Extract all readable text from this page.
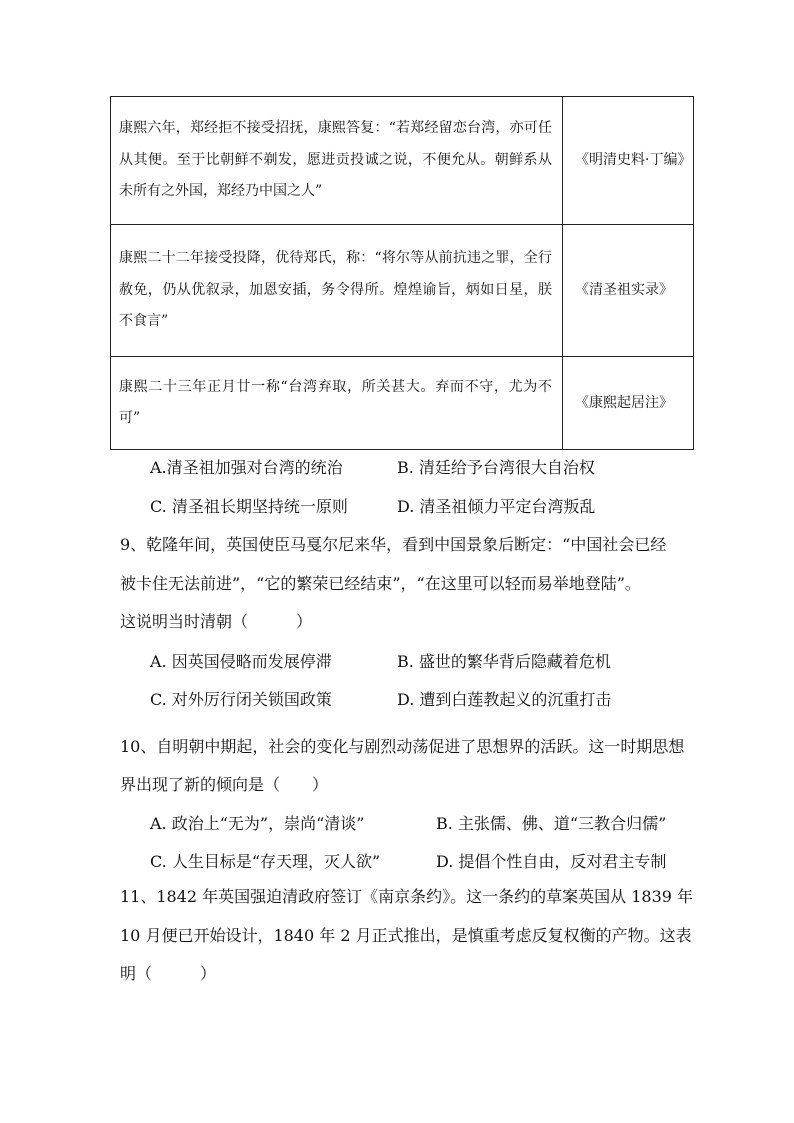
康熙六年，郑经拒不接受招抚，康熙答复：“若郑经留恋台湾，亦可任从其便。至于比朝鲜不剃发，愿进贡投诚之说，不便允从。朝鲜系从未所有之外国，郑经乃中国之人”	《明清史料·丁编》
康熙二十二年接受投降，优待郑氏，称：“将尔等从前抗违之罪，全行赦免，仍从优叙录，加恩安插，务令得所。煌煌谕旨，炳如日星，朕不食言”	《清圣祖实录》
康熙二十三年正月廿一称“台湾弃取，所关甚大。弃而不守，尤为不可”	《康熙起居注》
A.清圣祖加强对台湾的统治	B. 清廷给予台湾很大自治权
C. 清圣祖长期坚持统一原则	D. 清圣祖倾力平定台湾叛乱
9、乾隆年间，英国使臣马戛尔尼来华，看到中国景象后断定：“中国社会已经
被卡住无法前进”，“它的繁荣已经结束”，“在这里可以轻而易举地登陆”。
这说明当时清朝（　　　）
A. 因英国侵略而发展停滞	B. 盛世的繁华背后隐藏着危机
C. 对外厉行闭关锁国政策	D. 遭到白莲教起义的沉重打击
10、自明朝中期起，社会的变化与剧烈动荡促进了思想界的活跃。这一时期思想
界出现了新的倾向是（　　）
A. 政治上“无为”，崇尚“清谈”	B. 主张儒、佛、道“三教合归儒”
C. 人生目标是“存天理，灭人欲”	D. 提倡个性自由，反对君主专制
11、1842 年英国强迫清政府签订《南京条约》。这一条约的草案英国从 1839 年
10 月便已开始设计，1840 年 2 月正式推出，是慎重考虑反复权衡的产物。这表
明（　　　）
